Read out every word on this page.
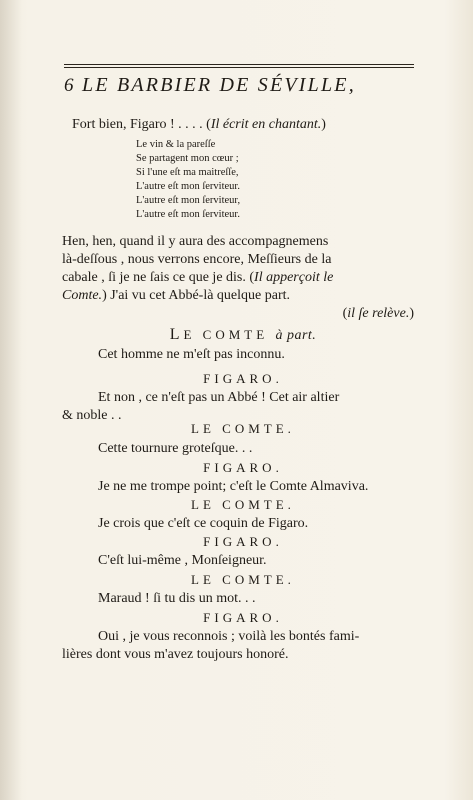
6 LE BARBIER DE SÉVILLE,
Fort bien, Figaro ! . . . . (Il écrit en chantant.)
Le vin & la pareſſe
Se partagent mon cœur ;
Si l'une eſt ma maitreſſe,
L'autre eſt mon ſerviteur.
L'autre eſt mon ſerviteur,
L'autre eſt mon ſerviteur.
Hen, hen, quand il y aura des accompagnemens
là-deſſous , nous verrons encore, Meſſieurs de la
cabale , ſi je ne ſais ce que je dis. (Il apperçoit le
Comte.) J'ai vu cet Abbé-là quelque part.
(il ſe relève.)
LE COMTE à part.
Cet homme ne m'eſt pas inconnu.
FIGARO.
Et non , ce n'eſt pas un Abbé ! Cet air altier
& noble . .
LE COMTE.
Cette tournure groteſque. . .
FIGARO.
Je ne me trompe point; c'eſt le Comte Almaviva.
LE COMTE.
Je crois que c'eſt ce coquin de Figaro.
FIGARO.
C'eſt lui-même , Monſeigneur.
LE COMTE.
Maraud ! ſi tu dis un mot. . .
FIGARO.
Oui , je vous reconnois ; voilà les bontés fami-
lières dont vous m'avez toujours honoré.
